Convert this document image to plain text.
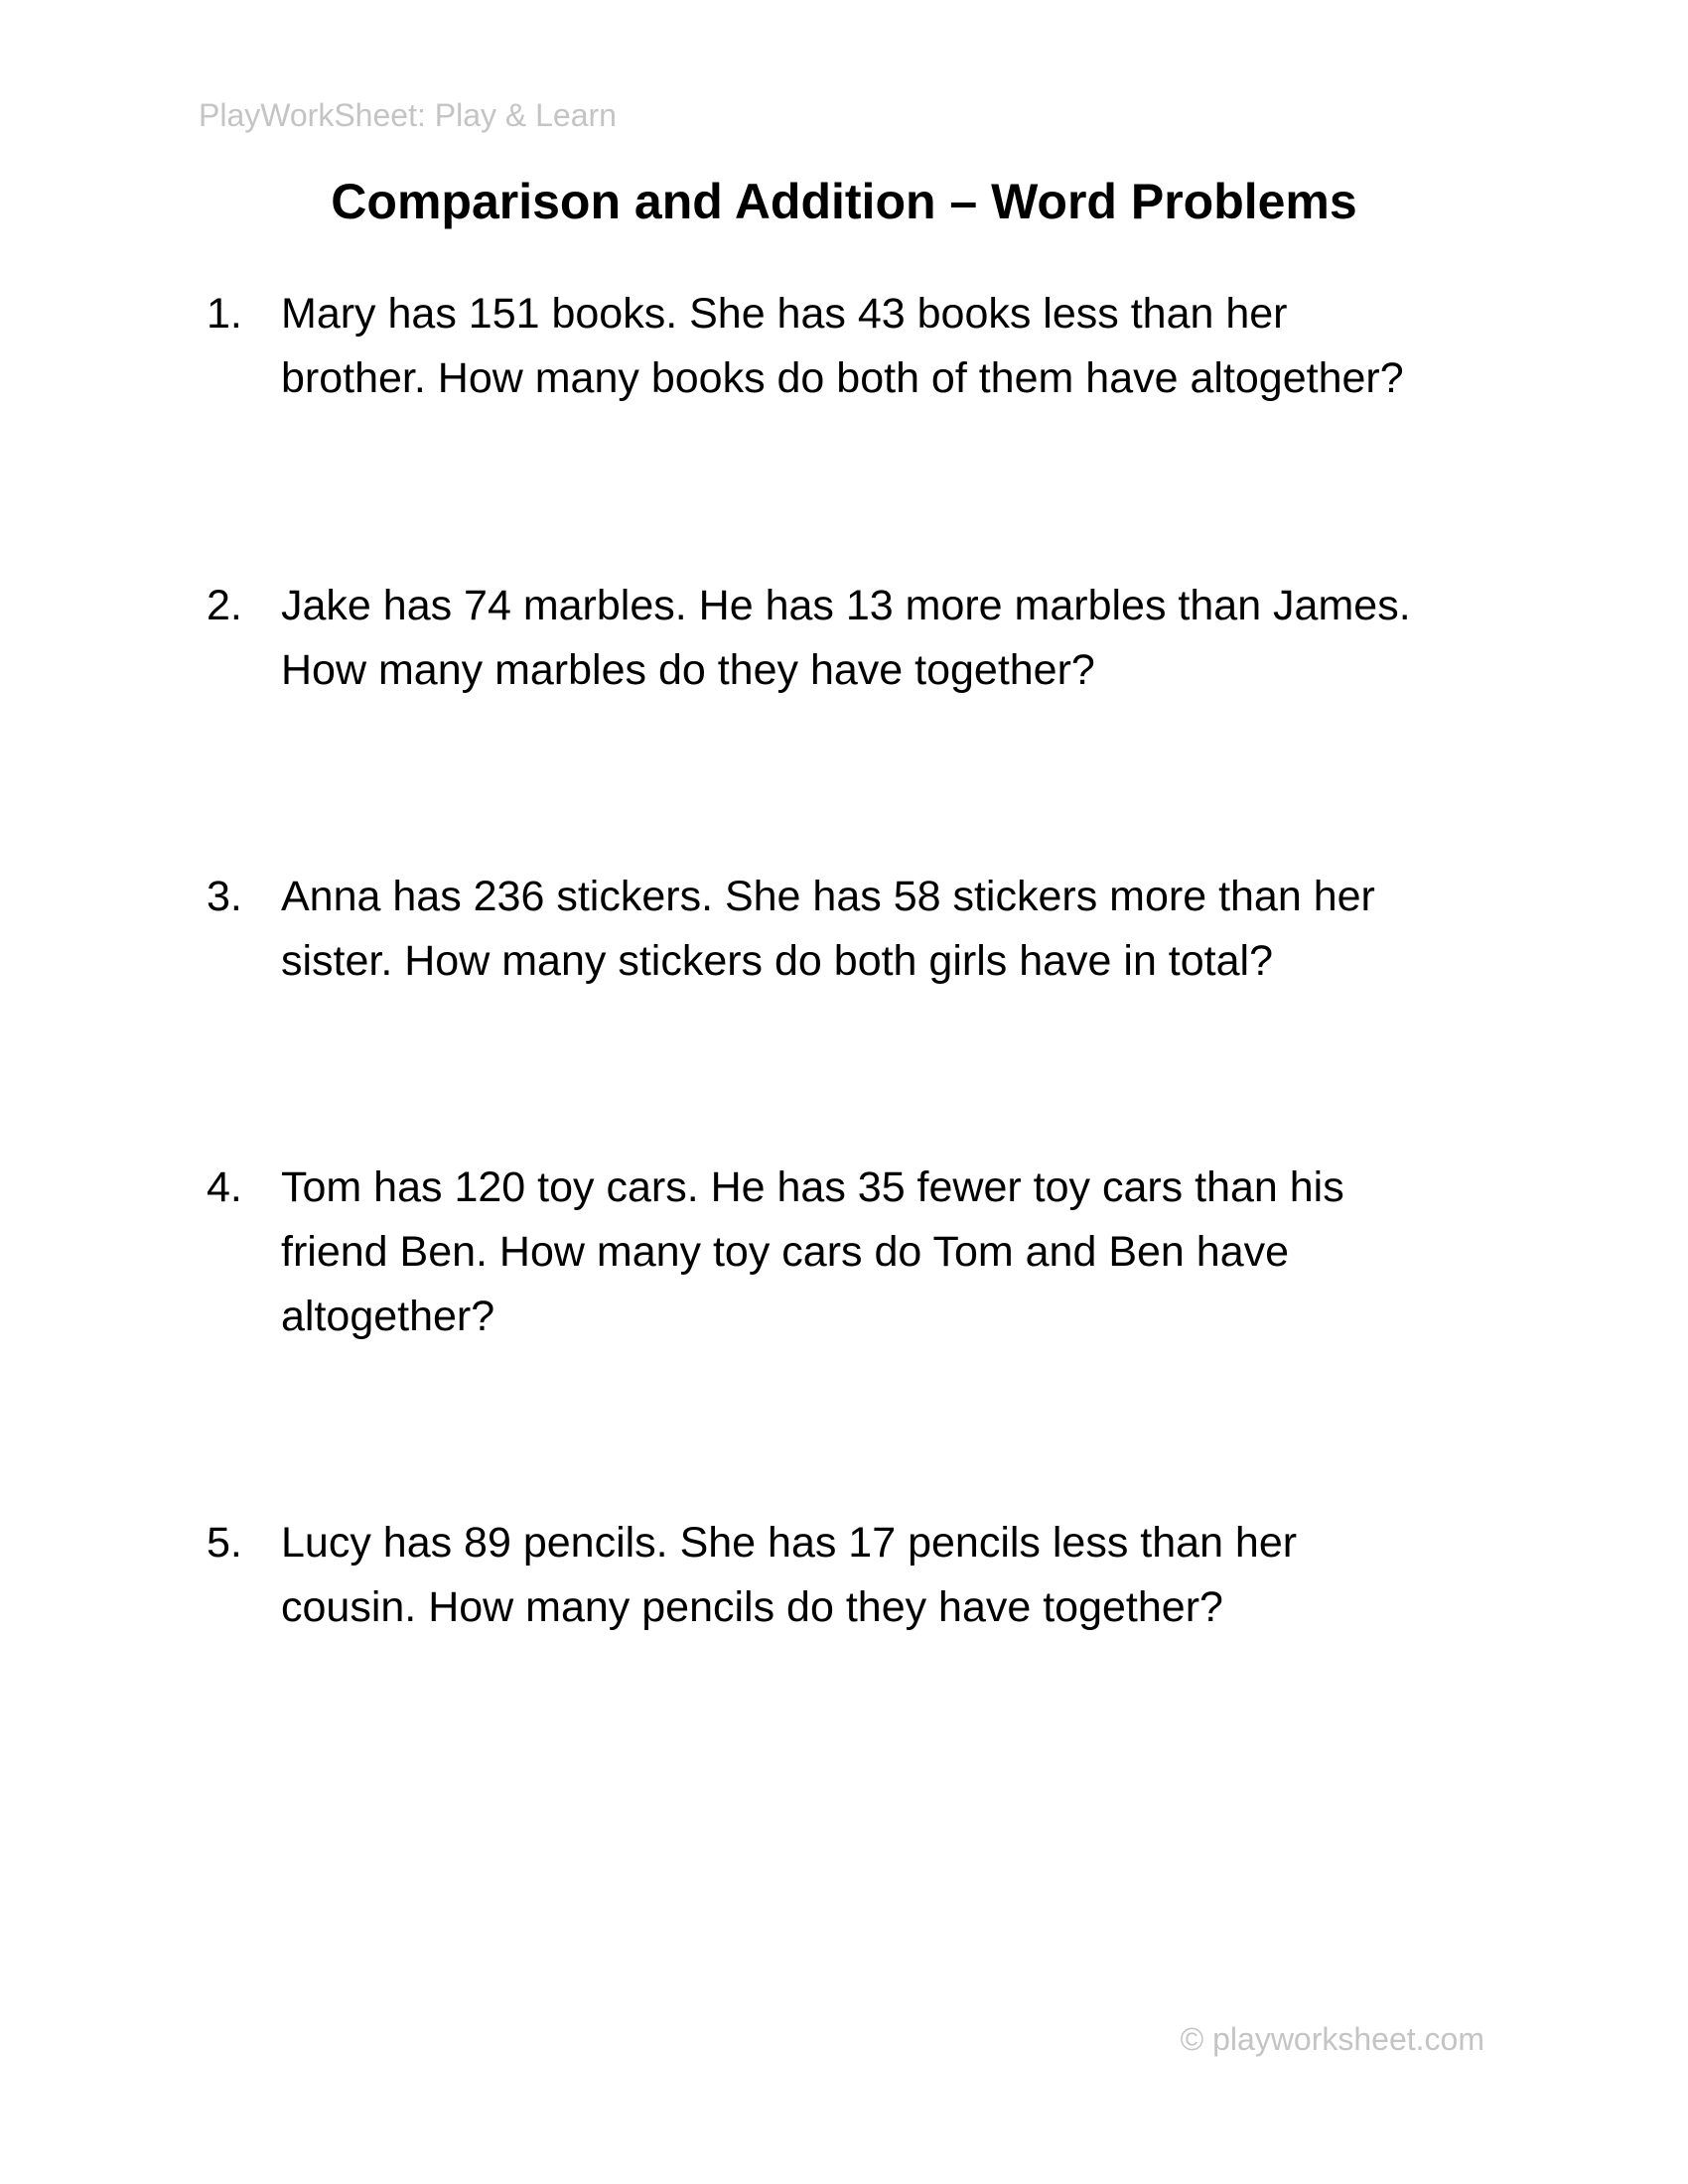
PlayWorkSheet: Play & Learn
Comparison and Addition – Word Problems
1. Mary has 151 books. She has 43 books less than her
brother. How many books do both of them have altogether?
2. Jake has 74 marbles. He has 13 more marbles than James.
How many marbles do they have together?
3. Anna has 236 stickers. She has 58 stickers more than her
sister. How many stickers do both girls have in total?
4. Tom has 120 toy cars. He has 35 fewer toy cars than his
friend Ben. How many toy cars do Tom and Ben have
altogether?
5. Lucy has 89 pencils. She has 17 pencils less than her
cousin. How many pencils do they have together?
© playworksheet.com
